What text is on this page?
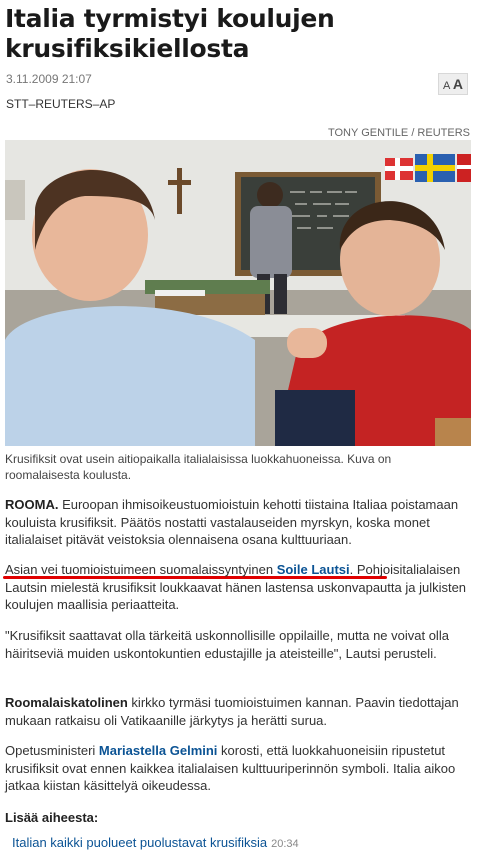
Italia tyrmistyi koulujen krusifiksikiellosta
3.11.2009 21:07
STT–REUTERS–AP
A A
TONY GENTILE / REUTERS
Krusifiksit ovat usein aitiopaikalla italialaisissa luokkahuoneissa. Kuva on roomalaisesta koulusta.

ROOMA. Euroopan ihmisoikeustuomioistuin kehotti tiistaina Italiaa poistamaan kouluista krusifiksit. Päätös nostatti vastalauseiden myrskyn, koska monet italialaiset pitävät veistoksia olennaisena osana kulttuuriaan.

Asian vei tuomioistuimeen suomalaissyntyinen Soile Lautsi. Pohjoisitalialaisen Lautsin mielestä krusifiksit loukkaavat hänen lastensa uskonvapautta ja julkisten koulujen maallisia periaatteita.

"Krusifiksit saattavat olla tärkeitä uskonnollisille oppilaille, mutta ne voivat olla häiritseviä muiden uskontokuntien edustajille ja ateisteille", Lautsi perusteli.

Roomalaiskatolinen kirkko tyrmäsi tuomioistuimen kannan. Paavin tiedottajan mukaan ratkaisu oli Vatikaanille järkytys ja herätti surua.

Opetusministeri Mariastella Gelmini korosti, että luokkahuoneisiin ripustetut krusifiksit ovat ennen kaikkea italialaisen kulttuuriperinnön symboli. Italia aikoo jatkaa kiistan käsittelyä oikeudessa.

Lisää aiheesta:
Italian kaikki puolueet puolustavat krusifiksia 20:34
